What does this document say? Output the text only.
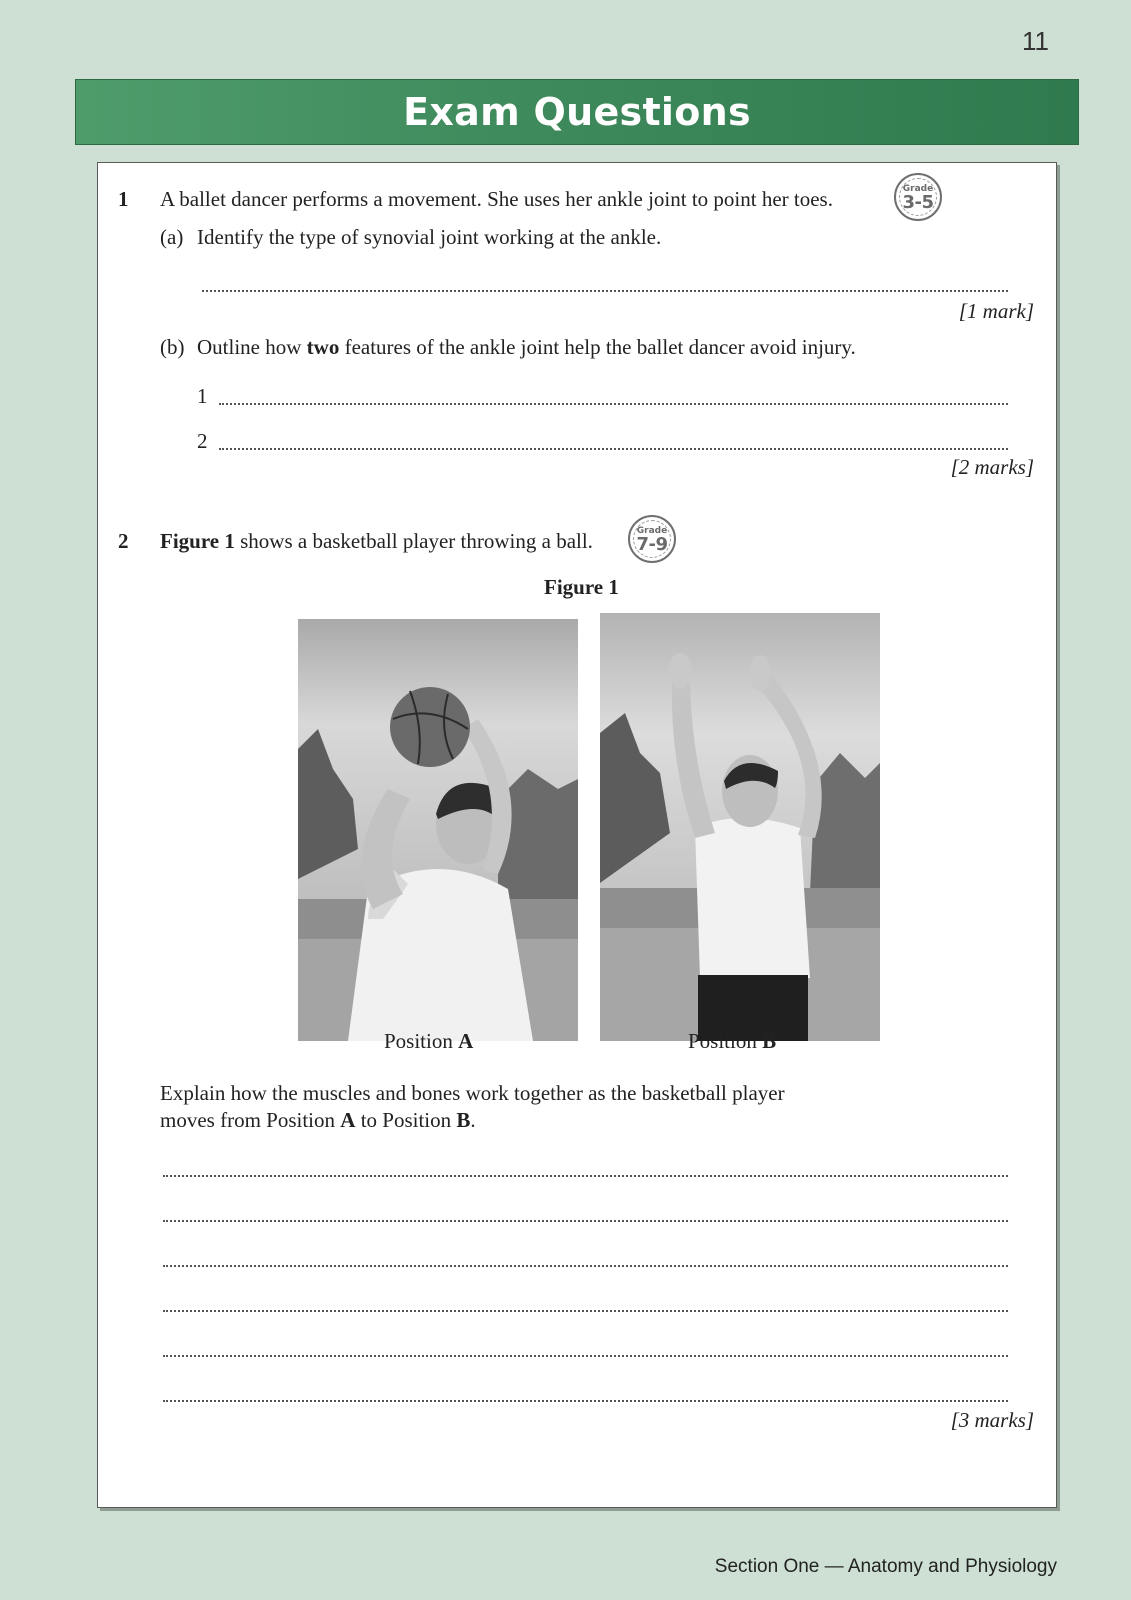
11
Exam Questions
1 A ballet dancer performs a movement. She uses her ankle joint to point her toes.	Grade
3-5
(a) Identify the type of synovial joint working at the ankle.
[1 mark]
(b) Outline how two features of the ankle joint help the ballet dancer avoid injury.
1
2
[2 marks]
2 Figure 1 shows a basketball player throwing a ball.	Grade
7-9
Figure 1
Position A	Position B
Explain how the muscles and bones work together as the basketball player
moves from Position A to Position B.
[3 marks]
Section One — Anatomy and Physiology
